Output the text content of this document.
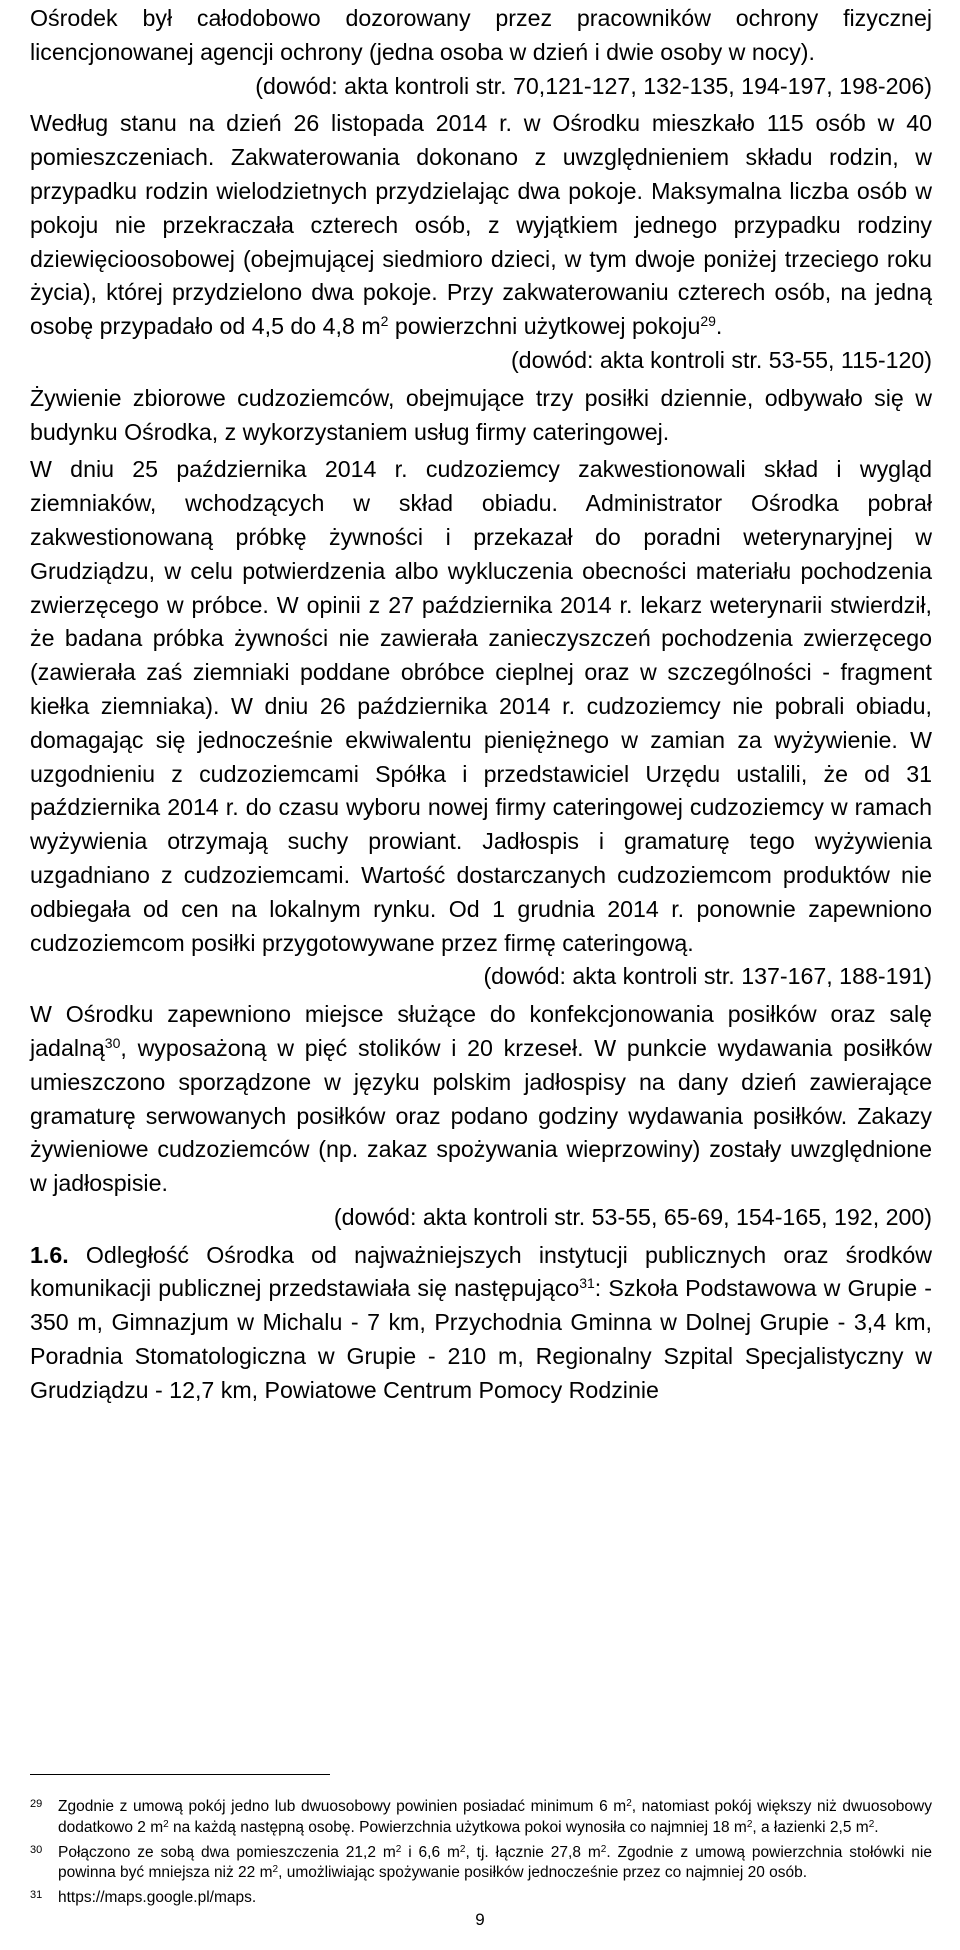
Ośrodek był całodobowo dozorowany przez pracowników ochrony fizycznej licencjonowanej agencji ochrony (jedna osoba w dzień i dwie osoby w nocy).

(dowód: akta kontroli str. 70,121-127, 132-135, 194-197, 198-206)

Według stanu na dzień 26 listopada 2014 r. w Ośrodku mieszkało 115 osób w 40 pomieszczeniach. Zakwaterowania dokonano z uwzględnieniem składu rodzin, w przypadku rodzin wielodzietnych przydzielając dwa pokoje. Maksymalna liczba osób w pokoju nie przekraczała czterech osób, z wyjątkiem jednego przypadku rodziny dziewięcioosobowej (obejmującej siedmioro dzieci, w tym dwoje poniżej trzeciego roku życia), której przydzielono dwa pokoje. Przy zakwaterowaniu czterech osób, na jedną osobę przypadało od 4,5 do 4,8 $m^2$ powierzchni użytkowej pokoju$^{29}$.

(dowód: akta kontroli str. 53-55, 115-120)

Żywienie zbiorowe cudzoziemców, obejmujące trzy posiłki dziennie, odbywało się w budynku Ośrodka, z wykorzystaniem usług firmy cateringowej.

W dniu 25 października 2014 r. cudzoziemcy zakwestionowali skład i wygląd ziemniaków, wchodzących w skład obiadu. Administrator Ośrodka pobrał zakwestionowaną próbkę żywności i przekazał do poradni weterynaryjnej w Grudziądzu, w celu potwierdzenia albo wykluczenia obecności materiału pochodzenia zwierzęcego w próbce. W opinii z 27 października 2014 r. lekarz weterynarii stwierdził, że badana próbka żywności nie zawierała zanieczyszczeń pochodzenia zwierzęcego (zawierała zaś ziemniaki poddane obróbce cieplnej oraz w szczególności - fragment kiełka ziemniaka). W dniu 26 października 2014 r. cudzoziemcy nie pobrali obiadu, domagając się jednocześnie ekwiwalentu pieniężnego w zamian za wyżywienie. W uzgodnieniu z cudzoziemcami Spółka i przedstawiciel Urzędu ustalili, że od 31 października 2014 r. do czasu wyboru nowej firmy cateringowej cudzoziemcy w ramach wyżywienia otrzymają suchy prowiant. Jadłospis i gramaturę tego wyżywienia uzgadniano z cudzoziemcami. Wartość dostarczanych cudzoziemcom produktów nie odbiegała od cen na lokalnym rynku. Od 1 grudnia 2014 r. ponownie zapewniono cudzoziemcom posiłki przygotowywane przez firmę cateringową.

(dowód: akta kontroli str. 137-167, 188-191)

W Ośrodku zapewniono miejsce służące do konfekcjonowania posiłków oraz salę jadalną$^{30}$, wyposażoną w pięć stolików i 20 krzeseł. W punkcie wydawania posiłków umieszczono sporządzone w języku polskim jadłospisy na dany dzień zawierające gramaturę serwowanych posiłków oraz podano godziny wydawania posiłków. Zakazy żywieniowe cudzoziemców (np. zakaz spożywania wieprzowiny) zostały uwzględnione w jadłospisie.

(dowód: akta kontroli str. 53-55, 65-69, 154-165, 192, 200)

1.6. Odległość Ośrodka od najważniejszych instytucji publicznych oraz środków komunikacji publicznej przedstawiała się następująco$^{31}$: Szkoła Podstawowa w Grupie - 350 m, Gimnazjum w Michalu - 7 km, Przychodnia Gminna w Dolnej Grupie - 3,4 km, Poradnia Stomatologiczna w Grupie - 210 m, Regionalny Szpital Specjalistyczny w Grudziądzu - 12,7 km, Powiatowe Centrum Pomocy Rodzinie

29	Zgodnie z umową pokój jedno lub dwuosobowy powinien posiadać minimum 6 $m^2$, natomiast pokój większy niż dwuosobowy dodatkowo 2 $m^2$ na każdą następną osobę. Powierzchnia użytkowa pokoi wynosiła co najmniej 18 $m^2$, a łazienki 2,5 $m^2$.
30	Połączono ze sobą dwa pomieszczenia 21,2 $m^2$ i 6,6 $m^2$, tj. łącznie 27,8 $m^2$. Zgodnie z umową powierzchnia stołówki nie powinna być mniejsza niż 22 $m^2$, umożliwiając spożywanie posiłków jednocześnie przez co najmniej 20 osób.
31	https://maps.google.pl/maps.
9
